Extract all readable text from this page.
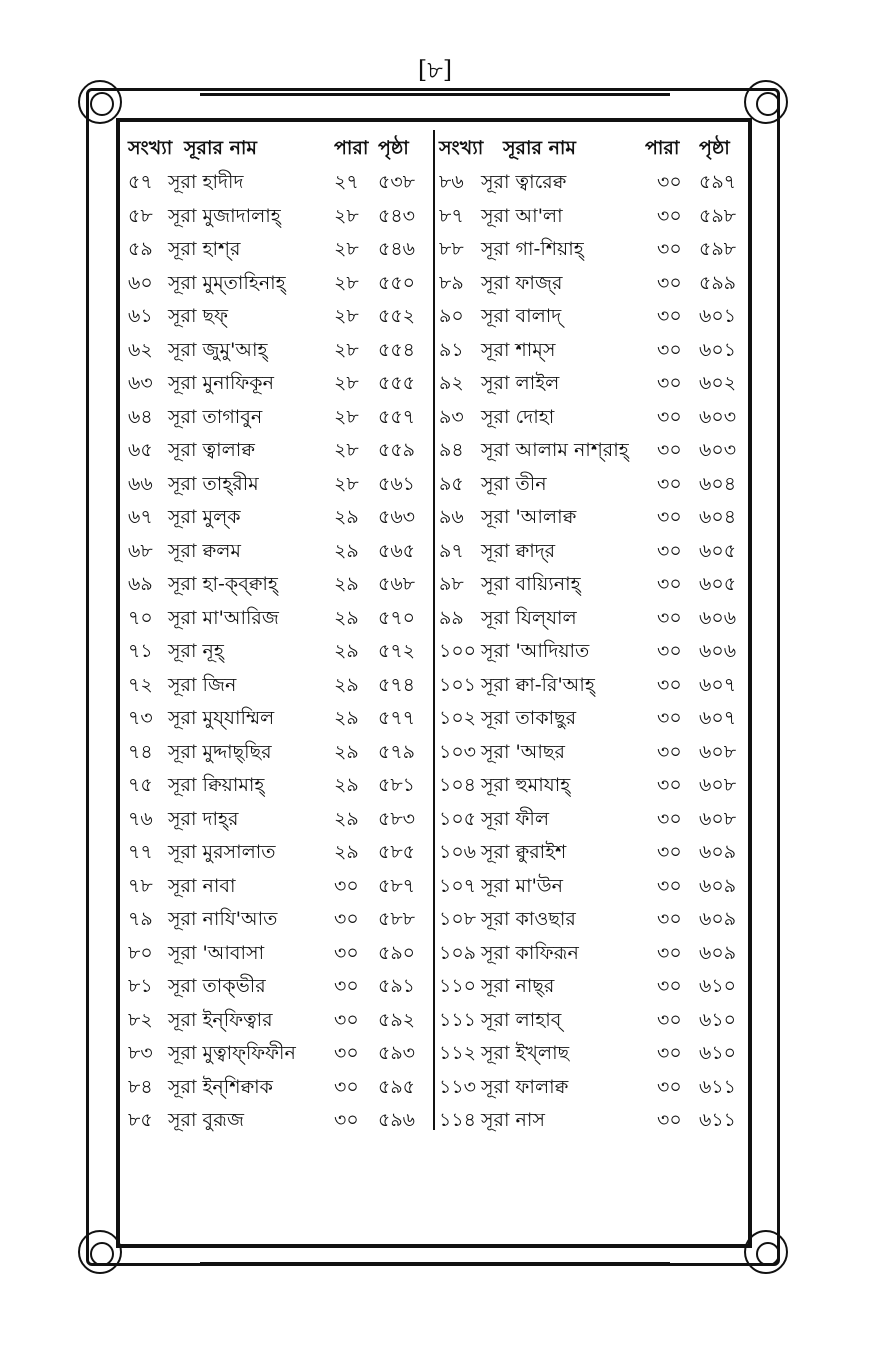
[৮]
সংখ্যা সূরার নাম	পারা পৃষ্ঠা
৫৭ সূরা হাদীদ	২৭ ৫৩৮
৫৮ সূরা মুজাদালাহ্	২৮ ৫৪৩
৫৯ সূরা হাশ্‌র	২৮ ৫৪৬
৬০ সূরা মুম্‌তাহিনাহ্	২৮ ৫৫০
৬১ সূরা ছফ্	২৮ ৫৫২
৬২ সূরা জুমু'আহ্	২৮ ৫৫৪
৬৩ সূরা মুনাফিকূন	২৮ ৫৫৫
৬৪ সূরা তাগাবুন	২৮ ৫৫৭
৬৫ সূরা ত্বালাক্ব	২৮ ৫৫৯
৬৬ সূরা তাহ্‌রীম	২৮ ৫৬১
৬৭ সূরা মুল্‌ক	২৯ ৫৬৩
৬৮ সূরা ক্বলম	২৯ ৫৬৫
৬৯ সূরা হা-ক্ব্ক্বাহ্	২৯ ৫৬৮
৭০ সূরা মা'আরিজ	২৯ ৫৭০
৭১ সূরা নূহ্	২৯ ৫৭২
৭২ সূরা জিন	২৯ ৫৭৪
৭৩ সূরা মুয্‌যাম্মিল	২৯ ৫৭৭
৭৪ সূরা মুদ্দাছ্‌ছির	২৯ ৫৭৯
৭৫ সূরা ক্বিয়ামাহ্	২৯ ৫৮১
৭৬ সূরা দাহ্‌র	২৯ ৫৮৩
৭৭ সূরা মুরসালাত	২৯ ৫৮৫
৭৮ সূরা নাবা	৩০ ৫৮৭
৭৯ সূরা নাযি'আত	৩০ ৫৮৮
৮০ সূরা 'আবাসা	৩০ ৫৯০
৮১ সূরা তাক্‌ভীর	৩০ ৫৯১
৮২ সূরা ইন্‌ফিত্বার	৩০ ৫৯২
৮৩ সূরা মুত্বাফ্‌ফিফীন ৩০ ৫৯৩
৮৪ সূরা ইন্‌শিক্বাক	৩০ ৫৯৫
৮৫ সূরা বুরূজ	৩০ ৫৯৬
সংখ্যা সূরার নাম	পারা পৃষ্ঠা
৮৬ সূরা ত্বারেক্ব	৩০ ৫৯৭
৮৭ সূরা আ'লা	৩০ ৫৯৮
৮৮ সূরা গা-শিয়াহ্	৩০ ৫৯৮
৮৯ সূরা ফাজ্‌র	৩০ ৫৯৯
৯০ সূরা বালাদ্	৩০ ৬০১
৯১ সূরা শাম্‌স	৩০ ৬০১
৯২ সূরা লাইল	৩০ ৬০২
৯৩ সূরা দোহা	৩০ ৬০৩
৯৪ সূরা আলাম নাশ্‌রাহ্ ৩০ ৬০৩
৯৫ সূরা তীন	৩০ ৬০৪
৯৬ সূরা 'আলাক্ব	৩০ ৬০৪
৯৭ সূরা ক্বাদ্‌র	৩০ ৬০৫
৯৮ সূরা বায়্যিনাহ্	৩০ ৬০৫
৯৯ সূরা যিল্‌যাল	৩০ ৬০৬
১০০ সূরা 'আদিয়াত	৩০ ৬০৬
১০১ সূরা ক্বা-রি'আহ্	৩০ ৬০৭
১০২ সূরা তাকাছুর	৩০ ৬০৭
১০৩ সূরা 'আছর	৩০ ৬০৮
১০৪ সূরা হুমাযাহ্	৩০ ৬০৮
১০৫ সূরা ফীল	৩০ ৬০৮
১০৬ সূরা ক্বুরাইশ	৩০ ৬০৯
১০৭ সূরা মা'উন	৩০ ৬০৯
১০৮ সূরা কাওছার	৩০ ৬০৯
১০৯ সূরা কাফিরূন	৩০ ৬০৯
১১০ সূরা নাছ্‌র	৩০ ৬১০
১১১ সূরা লাহাব্	৩০ ৬১০
১১২ সূরা ইখ্‌লাছ	৩০ ৬১০
১১৩ সূরা ফালাক্ব	৩০ ৬১১
১১৪ সূরা নাস	৩০ ৬১১
